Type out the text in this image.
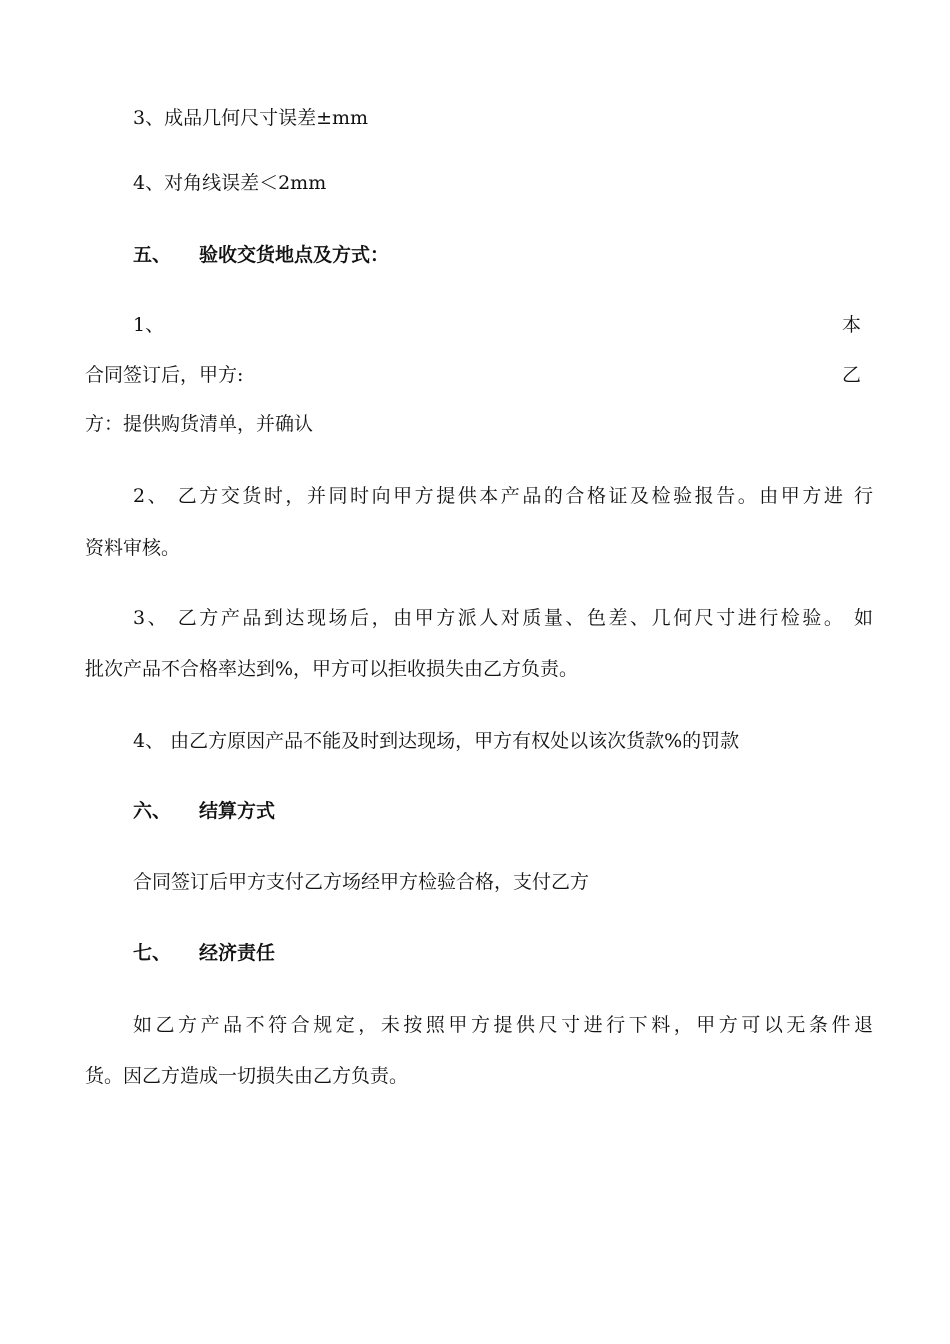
3、成品几何尺寸误差±mm
4、对角线误差＜2mm
五、 验收交货地点及方式：
1、	本
合同签订后，甲方:	乙
方：提供购货清单，并确认
2、 乙方交货时，并同时向甲方提供本产品的合格证及检验报告。由甲方进 行
资料审核。
3、 乙方产品到达现场后，由甲方派人对质量、色差、几何尺寸进行检验。 如
批次产品不合格率达到%，甲方可以拒收损失由乙方负责。
4、 由乙方原因产品不能及时到达现场，甲方有权处以该次货款%的罚款
六、 结算方式
合同签订后甲方支付乙方场经甲方检验合格，支付乙方
七、 经济责任
如乙方产品不符合规定，未按照甲方提供尺寸进行下料，甲方可以无条件退
货。因乙方造成一切损失由乙方负责。
